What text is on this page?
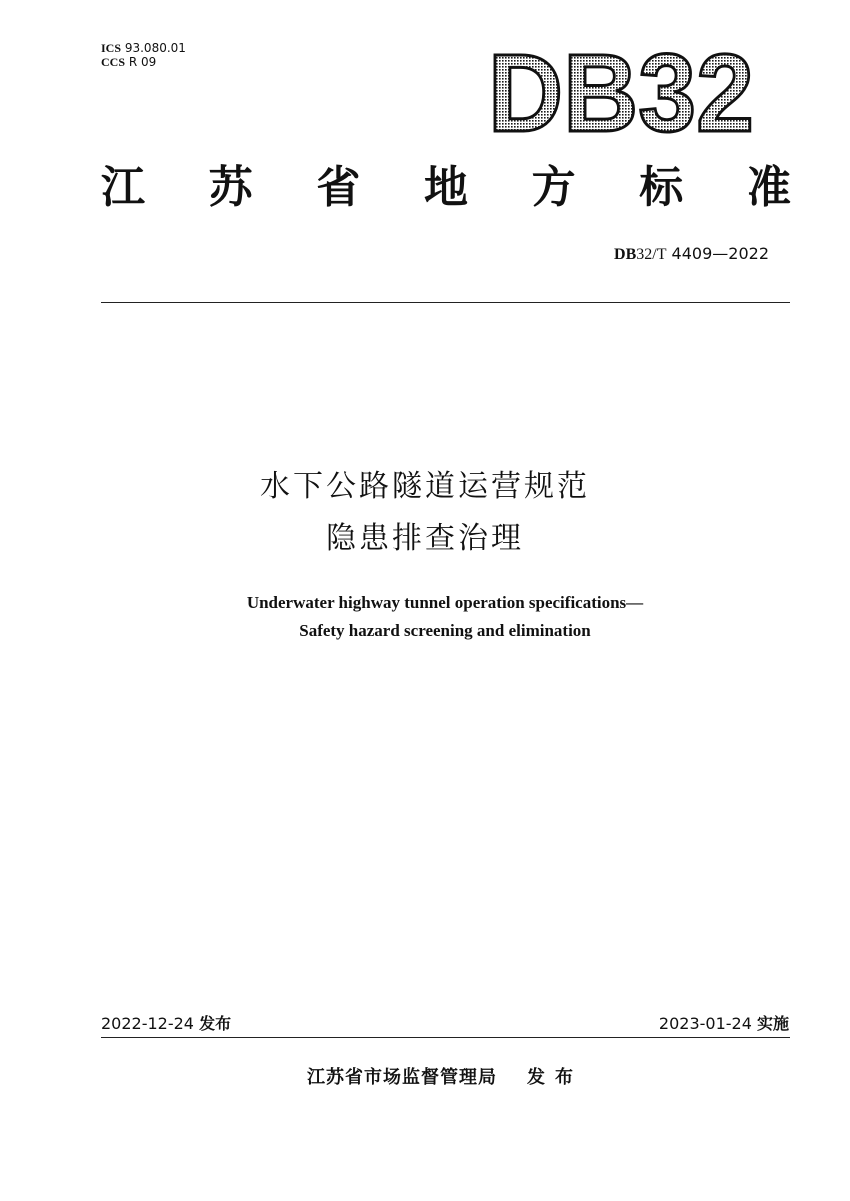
ICS 93.080.01
CCS R 09	DB32
江 苏 省 地 方 标 准
DB32/T 4409—2022
水下公路隧道运营规范
隐患排查治理
Underwater highway tunnel operation specifications—
Safety hazard screening and elimination
2022-12-24 发布	2023-01-24 实施
江苏省市场监督管理局 发布
